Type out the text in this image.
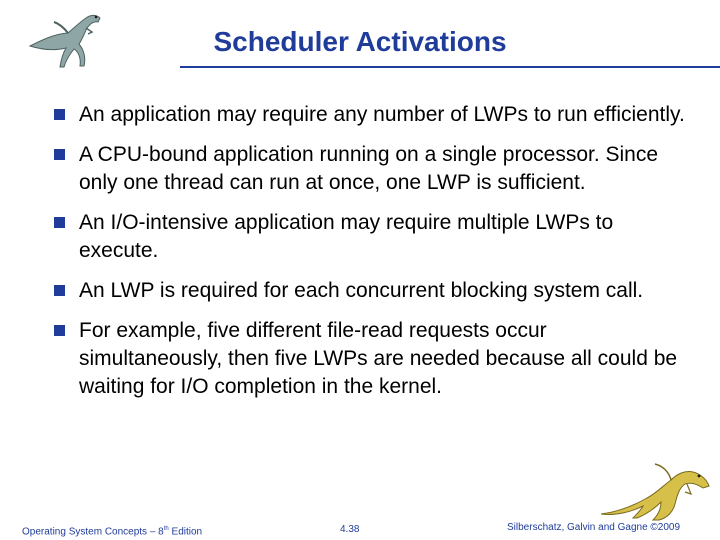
Scheduler Activations
An application may require any number of LWPs to run efficiently.
A CPU-bound application running on a single processor. Since only one thread can run at once, one LWP is sufficient.
An I/O-intensive application may require multiple LWPs to execute.
An LWP is required for each concurrent blocking system call.
For example, five different file-read requests occur simultaneously, then five LWPs are needed because all could be waiting for I/O completion in the kernel.
Operating System Concepts – 8th Edition	4.38	Silberschatz, Galvin and Gagne ©2009
